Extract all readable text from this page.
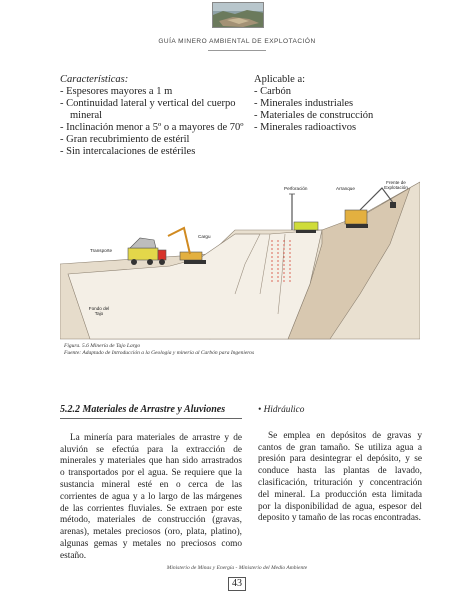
GUÍA MINERO AMBIENTAL DE EXPLOTACIÓN
Características:
- Espesores mayores a 1 m
- Continuidad lateral y vertical del cuerpo mineral
- Inclinación menor a 5º o a mayores de 70º
- Gran recubrimiento de estéril
- Sin intercalaciones de estériles
Aplicable a:
- Carbón
- Minerales industriales
- Materiales de construcción
- Minerales radioactivos
Transporte
Cargu
Perforación	Arranque
Frente de Explotación
Fondo del Tajo
Figura. 5.6 Minería de Tajo Largo
Fuente: Adaptado de Introducción a la Geología y minería al Carbón para Ingenieros
5.2.2 Materiales de Arrastre y Aluviones

La minería para materiales de arrastre y de aluvión se efectúa para la extracción de minerales y materiales que han sido arrastrados o transportados por el agua. Se requiere que la sustancia mineral esté en o cerca de las corrientes de agua y a lo largo de las márgenes de las corrientes fluviales. Se extraen por este método, materiales de construcción (gravas, arenas), metales preciosos (oro, plata, platino), algunas gemas y metales no preciosos como estaño.

• Hidráulico

Se emplea en depósitos de gravas y cantos de gran tamaño. Se utiliza agua a presión para desintegrar el depósito, y se conduce hasta las plantas de lavado, clasificación, trituración y concentración del mineral. La producción esta limitada por la disponibilidad de agua, espesor del deposito y tamaño de las rocas encontradas.

Ministerio de Minas y Energía - Ministerio del Medio Ambiente
43
